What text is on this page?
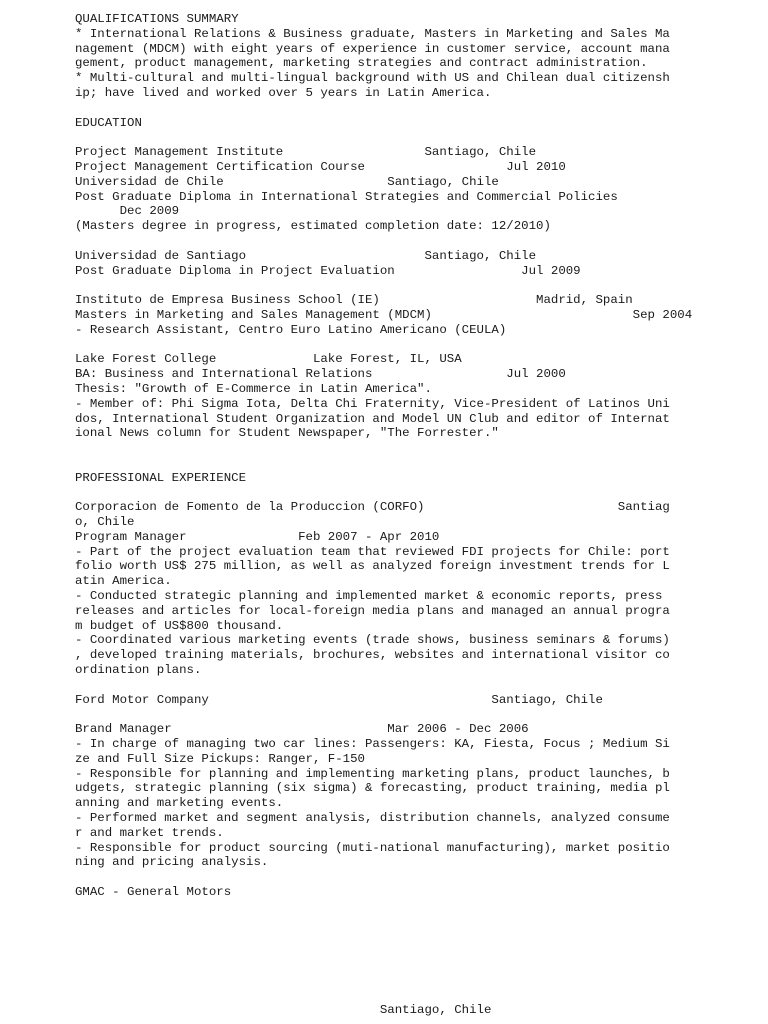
QUALIFICATIONS SUMMARY
* International Relations & Business graduate, Masters in Marketing and Sales Ma
nagement (MDCM) with eight years of experience in customer service, account mana
gement, product management, marketing strategies and contract administration.
* Multi-cultural and multi-lingual background with US and Chilean dual citizensh
ip; have lived and worked over 5 years in Latin America.
EDUCATION
Project Management Institute                   Santiago, Chile
Project Management Certification Course                   Jul 2010
Universidad de Chile                      Santiago, Chile
Post Graduate Diploma in International Strategies and Commercial Policies
Dec 2009
(Masters degree in progress, estimated completion date: 12/2010)
Universidad de Santiago                        Santiago, Chile
Post Graduate Diploma in Project Evaluation                 Jul 2009
Instituto de Empresa Business School (IE)                     Madrid, Spain
Masters in Marketing and Sales Management (MDCM)                           Sep 2004
- Research Assistant, Centro Euro Latino Americano (CEULA)
Lake Forest College             Lake Forest, IL, USA
BA: Business and International Relations                  Jul 2000
Thesis: "Growth of E-Commerce in Latin America".
- Member of: Phi Sigma Iota, Delta Chi Fraternity, Vice-President of Latinos Uni
dos, International Student Organization and Model UN Club and editor of Internat
ional News column for Student Newspaper, "The Forrester."
PROFESSIONAL EXPERIENCE
Corporacion de Fomento de la Produccion (CORFO)                          Santiag
o, Chile
Program Manager               Feb 2007 - Apr 2010
- Part of the project evaluation team that reviewed FDI projects for Chile: port
folio worth US$ 275 million, as well as analyzed foreign investment trends for L
atin America.
- Conducted strategic planning and implemented market & economic reports, press
releases and articles for local-foreign media plans and managed an annual progra
m budget of US$800 thousand.
- Coordinated various marketing events (trade shows, business seminars & forums)
, developed training materials, brochures, websites and international visitor co
ordination plans.
Ford Motor Company                                      Santiago, Chile
Brand Manager                             Mar 2006 - Dec 2006
- In charge of managing two car lines: Passengers: KA, Fiesta, Focus ; Medium Si
ze and Full Size Pickups: Ranger, F-150
- Responsible for planning and implementing marketing plans, product launches, b
udgets, strategic planning (six sigma) & forecasting, product training, media pl
anning and marketing events.
- Performed market and segment analysis, distribution channels, analyzed consume
r and market trends.
- Responsible for product sourcing (muti-national manufacturing), market positio
ning and pricing analysis.
GMAC - General Motors
Santiago, Chile
